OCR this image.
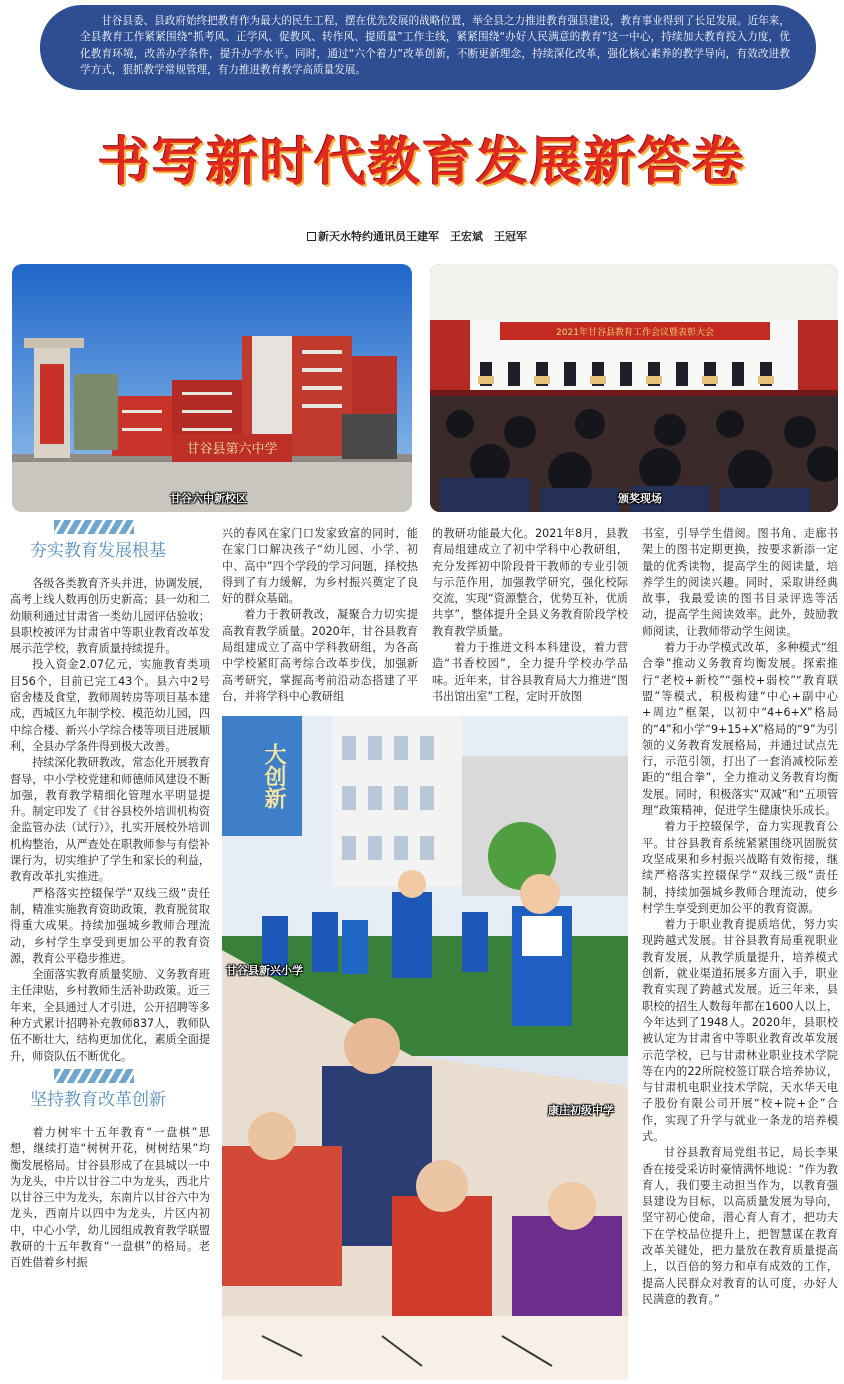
甘谷县委、县政府始终把教育作为最大的民生工程，摆在优先发展的战略位置，举全县之力推进教育强县建设，教育事业得到了长足发展。近年来，全县教育工作紧紧围绕“抓考风、正学风、促教风、转作风、提质量”工作主线，紧紧围绕“办好人民满意的教育”这一中心，持续加大教育投入力度，优化教育环境，改善办学条件，提升办学水平。同时，通过“六个着力”改革创新，不断更新理念，持续深化改革，强化核心素养的教学导向，有效改进教学方式，狠抓教学常规管理，有力推进教育教学高质量发展。
书写新时代教育发展新答卷
新天水特约通讯员王建军　王宏斌　王冠军
甘谷县第六中学
甘谷六中新校区
2021年甘谷县教育工作会议暨表彰大会
颁奖现场
夯实教育发展根基

各级各类教育齐头并进，协调发展，高考上线人数再创历史新高；县一幼和二幼顺利通过甘肃省一类幼儿园评估验收；县职校被评为甘肃省中等职业教育改革发展示范学校，教育质量持续提升。

投入资金2.07亿元，实施教育类项目56个，目前已完工43个。县六中2号宿舍楼及食堂，教师周转房等项目基本建成，西城区九年制学校、模范幼儿园，四中综合楼、新兴小学综合楼等项目进展顺利，全县办学条件得到极大改善。

持续深化教研教改，常态化开展教育督导，中小学校党建和师德师风建设不断加强，教育教学精细化管理水平明显提升。制定印发了《甘谷县校外培训机构资金监管办法（试行）》，扎实开展校外培训机构整治，从严查处在职教师参与有偿补课行为，切实维护了学生和家长的利益，教育改革扎实推进。

严格落实控辍保学“双线三级”责任制，精准实施教育资助政策，教育脱贫取得重大成果。持续加强城乡教师合理流动，乡村学生享受到更加公平的教育资源，教育公平稳步推进。

全面落实教育质量奖励、义务教育班主任津贴，乡村教师生活补助政策。近三年来，全县通过人才引进，公开招聘等多种方式累计招聘补充教师837人，教师队伍不断壮大，结构更加优化，素质全面提升，师资队伍不断优化。

坚持教育改革创新

着力树牢十五年教育“一盘棋”思想，继续打造“树树开花，树树结果”均衡发展格局。甘谷县形成了在县城以一中为龙头，中片以甘谷二中为龙头，西北片以甘谷三中为龙头，东南片以甘谷六中为龙头，西南片以四中为龙头，片区内初中，中心小学，幼儿园组成教育教学联盟教研的十五年教育“一盘棋”的格局。老百姓借着乡村振

兴的春风在家门口发家致富的同时，能在家门口解决孩子“幼儿园、小学、初中、高中”四个学段的学习问题，择校热得到了有力缓解，为乡村振兴奠定了良好的群众基础。

着力于教研教改，凝聚合力切实提高教育教学质量。2020年，甘谷县教育局组建成立了高中学科教研组，为各高中学校紧盯高考综合改革步伐，加强新高考研究，掌握高考前沿动态搭建了平台，并将学科中心教研组

的教研功能最大化。2021年8月，县教育局组建成立了初中学科中心教研组，充分发挥初中阶段骨干教师的专业引领与示范作用，加强教学研究，强化校际交流，实现“资源整合，优势互补，优质共享”，整体提升全县义务教育阶段学校教育教学质量。

着力于推进文科本科建设，着力营造“书香校园”，全力提升学校办学品味。近年来，甘谷县教育局大力推进“图书出馆出室”工程，定时开放图

书室，引导学生借阅。图书角、走廊书架上的图书定期更换，按要求新添一定量的优秀读物，提高学生的阅读量，培养学生的阅读兴趣。同时，采取讲经典故事，我最爱读的图书目录评选等活动，提高学生阅读效率。此外，鼓励教师阅读，让教师带动学生阅读。

着力于办学模式改革，多种模式“组合拳”推动义务教育均衡发展。探索推行“老校+新校”“强校+弱校”“教育联盟”等模式，积极构建“中心+副中心+周边”框架，以初中“4+6+X”格局的“4”和小学“9+15+X”格局的“9”为引领的义务教育发展格局，并通过试点先行，示范引领，打出了一套消减校际差距的“组合拳”，全力推动义务教育均衡发展。同时，积极落实“双减”和“五项管理”政策精神，促进学生健康快乐成长。

着力于控辍保学，奋力实现教育公平。甘谷县教育系统紧紧围绕巩固脱贫攻坚成果和乡村振兴战略有效衔接，继续严格落实控辍保学“双线三级”责任制，持续加强城乡教师合理流动，使乡村学生享受到更加公平的教育资源。

着力于职业教育提质培优，努力实现跨越式发展。甘谷县教育局重视职业教育发展，从教学质量提升，培养模式创新，就业渠道拓展多方面入手，职业教育实现了跨越式发展。近三年来，县职校的招生人数每年都在1600人以上，今年达到了1948人。2020年，县职校被认定为甘肃省中等职业教育改革发展示范学校，已与甘肃林业职业技术学院等在内的22所院校签订联合培养协议，与甘肃机电职业技术学院，天水华天电子股份有限公司开展“校+院+企”合作，实现了升学与就业一条龙的培养模式。

甘谷县教育局党组书记，局长李果香在接受采访时豪情满怀地说：“作为教育人，我们要主动担当作为，以教育强县建设为目标，以高质量发展为导向，坚守初心使命，潜心育人育才，把功夫下在学校品位提升上，把智慧谋在教育改革关键处，把力量放在教育质量提高上，以百倍的努力和卓有成效的工作，提高人民群众对教育的认可度，办好人民满意的教育。”

大创新
甘谷县新兴小学
康庄初级中学
